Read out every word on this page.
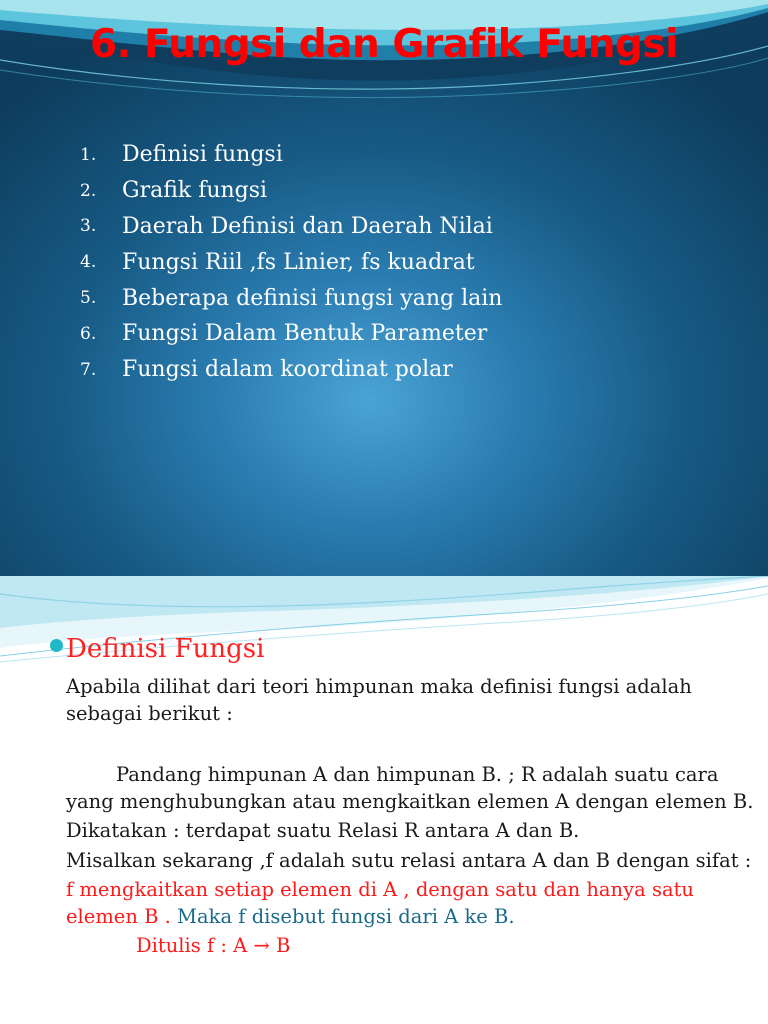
6. Fungsi dan Grafik Fungsi
1.	Definisi fungsi
2.	Grafik fungsi
3.	Daerah Definisi dan Daerah Nilai
4.	Fungsi Riil ,fs Linier, fs kuadrat
5.	Beberapa definisi fungsi yang lain
6.	Fungsi Dalam Bentuk Parameter
7.	Fungsi dalam koordinat polar
Definisi Fungsi

Apabila dilihat dari teori himpunan maka definisi fungsi adalah sebagai berikut :

Pandang himpunan A dan himpunan B. ; R adalah suatu cara yang menghubungkan atau mengkaitkan elemen A dengan elemen B.

Dikatakan : terdapat suatu Relasi R antara A dan B.

Misalkan sekarang ,f adalah sutu relasi antara A dan B dengan sifat :

f mengkaitkan setiap elemen di A , dengan satu dan hanya satu elemen B . Maka f disebut fungsi dari A ke B.

Ditulis f : A → B
